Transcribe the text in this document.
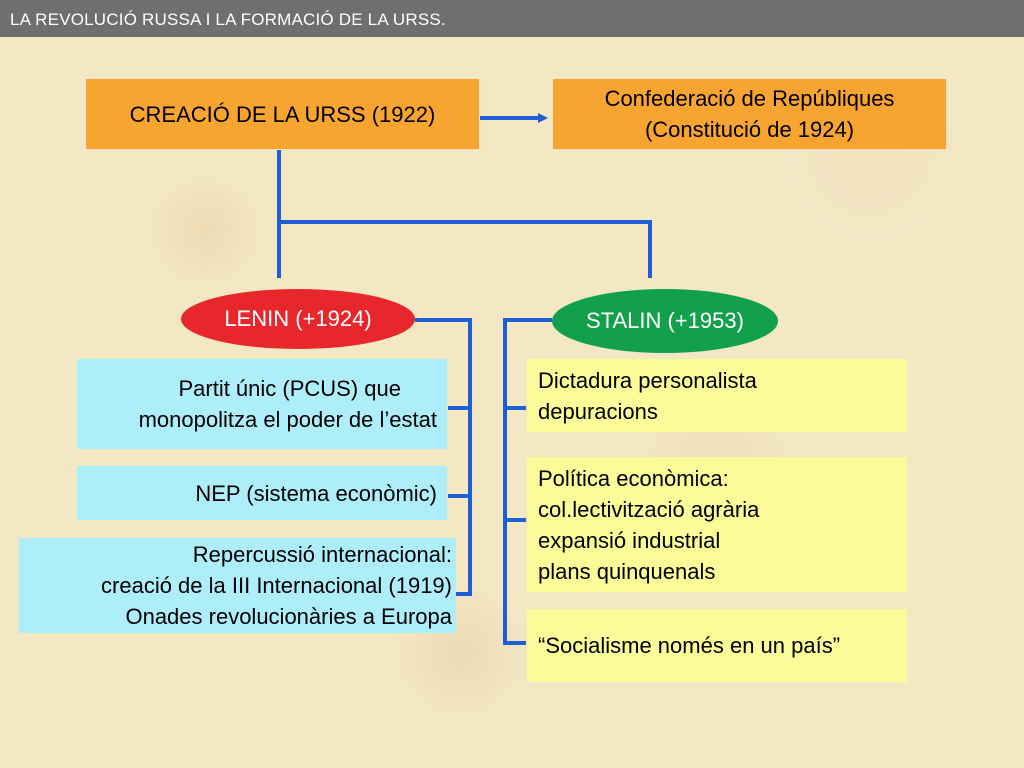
LA REVOLUCIÓ RUSSA I LA FORMACIÓ DE LA URSS.
CREACIÓ DE LA URSS (1922)
Confederació de Repúbliques
(Constitució de 1924)
LENIN (+1924)	STALIN (+1953)
Partit únic (PCUS) que
monopolitza el poder de l’estat
NEP (sistema econòmic)
Repercussió internacional:
creació de la III Internacional (1919)
Onades revolucionàries a Europa
Dictadura personalista
depuracions
Política econòmica:
col.lectivització agrària
expansió industrial
plans quinquenals
“Socialisme només en un país”
